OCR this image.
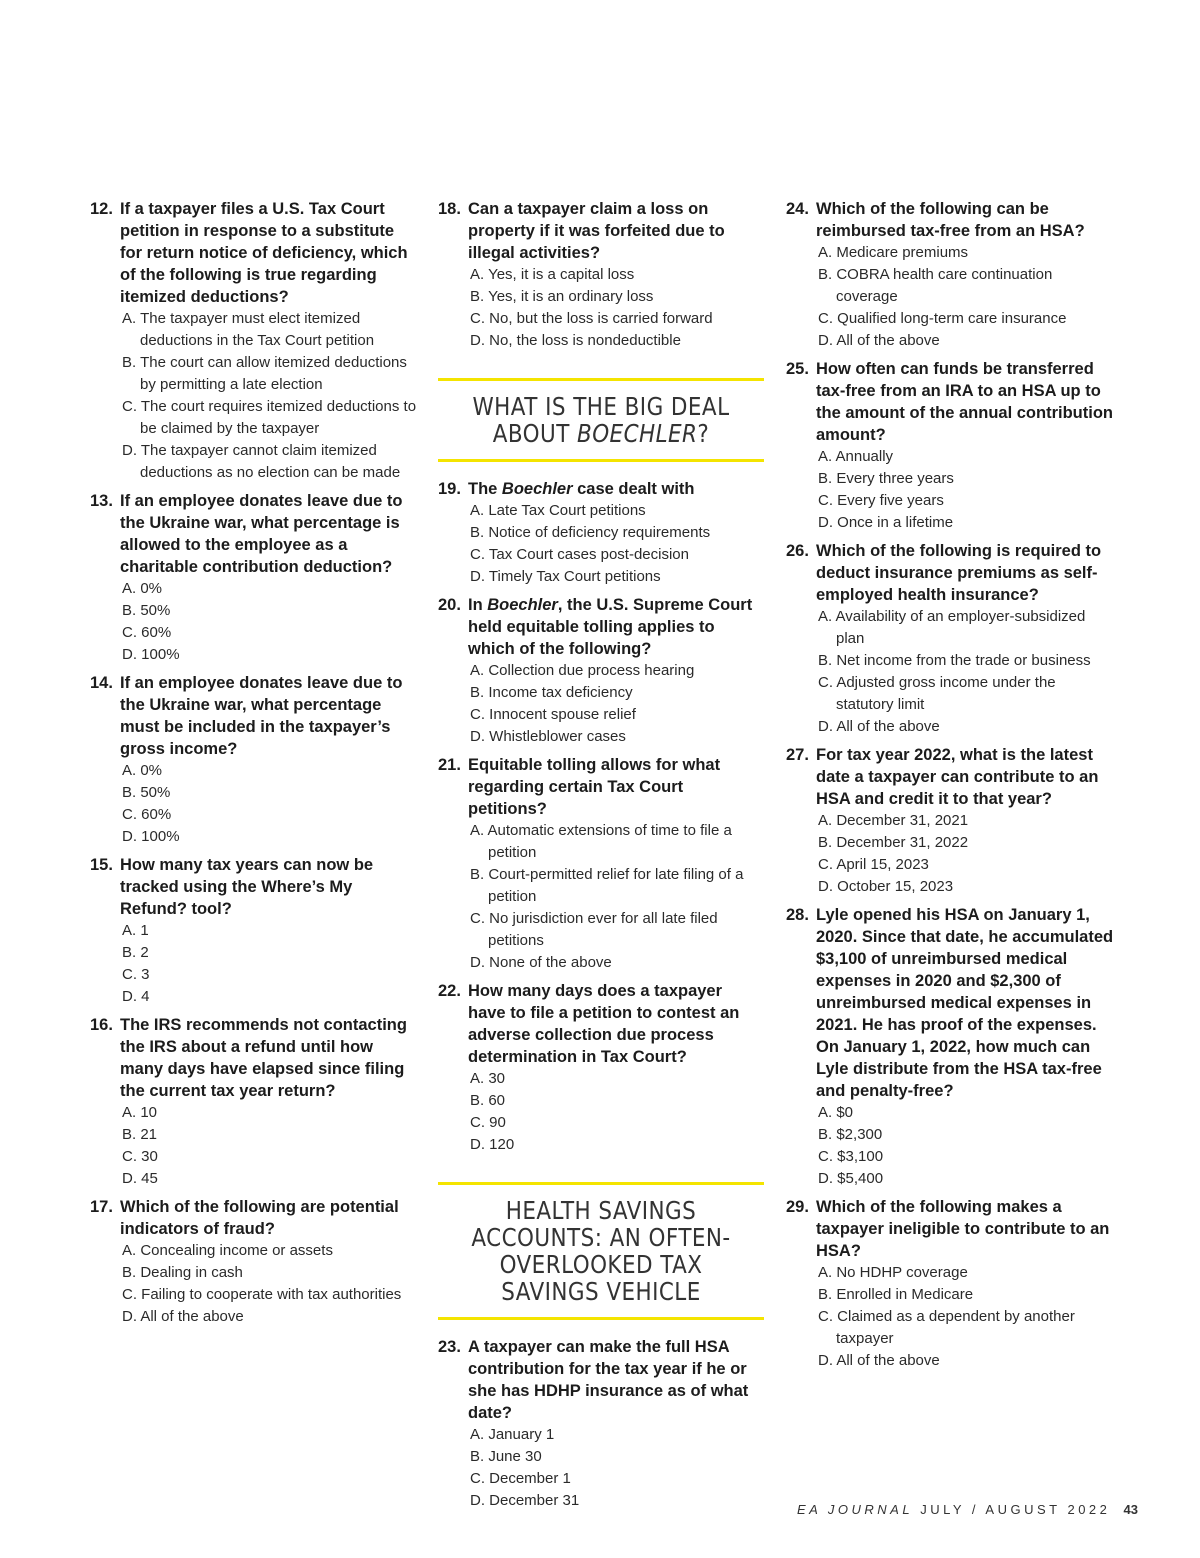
12. If a taxpayer files a U.S. Tax Court petition in response to a substitute for return notice of deficiency, which of the following is true regarding itemized deductions?
A. The taxpayer must elect itemized deductions in the Tax Court petition
B. The court can allow itemized deductions by permitting a late election
C. The court requires itemized deductions to be claimed by the taxpayer
D. The taxpayer cannot claim itemized deductions as no election can be made
13. If an employee donates leave due to the Ukraine war, what percentage is allowed to the employee as a charitable contribution deduction?
A. 0%
B. 50%
C. 60%
D. 100%
14. If an employee donates leave due to the Ukraine war, what percentage must be included in the taxpayer’s gross income?
A. 0%
B. 50%
C. 60%
D. 100%
15. How many tax years can now be tracked using the Where’s My Refund? tool?
A. 1
B. 2
C. 3
D. 4
16. The IRS recommends not contacting the IRS about a refund until how many days have elapsed since filing the current tax year return?
A. 10
B. 21
C. 30
D. 45
17. Which of the following are potential indicators of fraud?
A. Concealing income or assets
B. Dealing in cash
C. Failing to cooperate with tax authorities
D. All of the above
18. Can a taxpayer claim a loss on property if it was forfeited due to illegal activities?
A. Yes, it is a capital loss
B. Yes, it is an ordinary loss
C. No, but the loss is carried forward
D. No, the loss is nondeductible
WHAT IS THE BIG DEAL ABOUT BOECHLER?
19. The Boechler case dealt with
A. Late Tax Court petitions
B. Notice of deficiency requirements
C. Tax Court cases post-decision
D. Timely Tax Court petitions
20. In Boechler, the U.S. Supreme Court held equitable tolling applies to which of the following?
A. Collection due process hearing
B. Income tax deficiency
C. Innocent spouse relief
D. Whistleblower cases
21. Equitable tolling allows for what regarding certain Tax Court petitions?
A. Automatic extensions of time to file a petition
B. Court-permitted relief for late filing of a petition
C. No jurisdiction ever for all late filed petitions
D. None of the above
22. How many days does a taxpayer have to file a petition to contest an adverse collection due process determination in Tax Court?
A. 30
B. 60
C. 90
D. 120
HEALTH SAVINGS ACCOUNTS: AN OFTEN-OVERLOOKED TAX SAVINGS VEHICLE
23. A taxpayer can make the full HSA contribution for the tax year if he or she has HDHP insurance as of what date?
A. January 1
B. June 30
C. December 1
D. December 31
24. Which of the following can be reimbursed tax-free from an HSA?
A. Medicare premiums
B. COBRA health care continuation coverage
C. Qualified long-term care insurance
D. All of the above
25. How often can funds be transferred tax-free from an IRA to an HSA up to the amount of the annual contribution amount?
A. Annually
B. Every three years
C. Every five years
D. Once in a lifetime
26. Which of the following is required to deduct insurance premiums as self-employed health insurance?
A. Availability of an employer-subsidized plan
B. Net income from the trade or business
C. Adjusted gross income under the statutory limit
D. All of the above
27. For tax year 2022, what is the latest date a taxpayer can contribute to an HSA and credit it to that year?
A. December 31, 2021
B. December 31, 2022
C. April 15, 2023
D. October 15, 2023
28. Lyle opened his HSA on January 1, 2020. Since that date, he accumulated $3,100 of unreimbursed medical expenses in 2020 and $2,300 of unreimbursed medical expenses in 2021. He has proof of the expenses. On January 1, 2022, how much can Lyle distribute from the HSA tax-free and penalty-free?
A. $0
B. $2,300
C. $3,100
D. $5,400
29. Which of the following makes a taxpayer ineligible to contribute to an HSA?
A. No HDHP coverage
B. Enrolled in Medicare
C. Claimed as a dependent by another taxpayer
D. All of the above
EA JOURNAL JULY / AUGUST 2022 43
